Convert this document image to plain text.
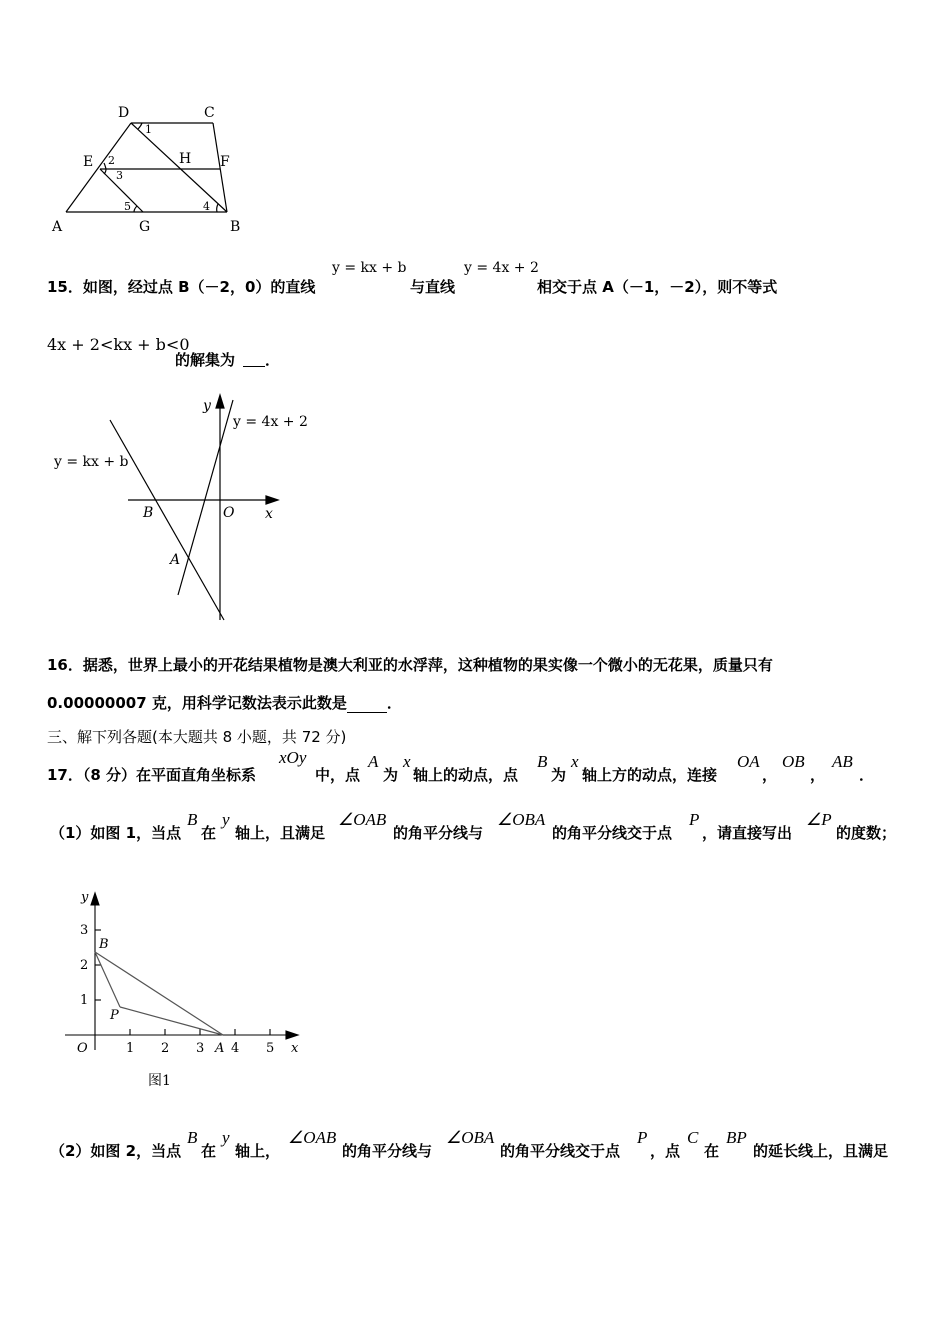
D	C
E	H F
A	G	B
1
2
3
4
5
15．如图，经过点 B（－2，0）的直线
y = kx + b
与直线
y = 4x + 2
相交于点 A（－1，－2），则不等式
4x + 2<kx + b<0
的解集为 ．
y
y = 4x + 2
y = kx + b
B	O x
A
16．据悉，世界上最小的开花结果植物是澳大利亚的水浮萍，这种植物的果实像一个微小的无花果，质量只有
0.00000007 克，用科学记数法表示此数是	．
三、解下列各题(本大题共 8 小题，共 72 分)
17．（8 分）在平面直角坐标系
xOy
中，点
A
为
x
轴上的动点，点
B
为
x
轴上方的动点，连接
OA
，
OB
，
AB
．
（1）如图 1，当点
B
在
y
轴上，且满足
∠OAB
的角平分线与
∠OBA
的角平分线交于点
P
，请直接写出
∠P
的度数；
y
3
2
1
B
P
O	1 2 3 A 4 5 x
图1
（2）如图 2，当点
B
在
y
轴上，
∠OAB
的角平分线与
∠OBA
的角平分线交于点
P
，点
C
在
BP
的延长线上，且满足
